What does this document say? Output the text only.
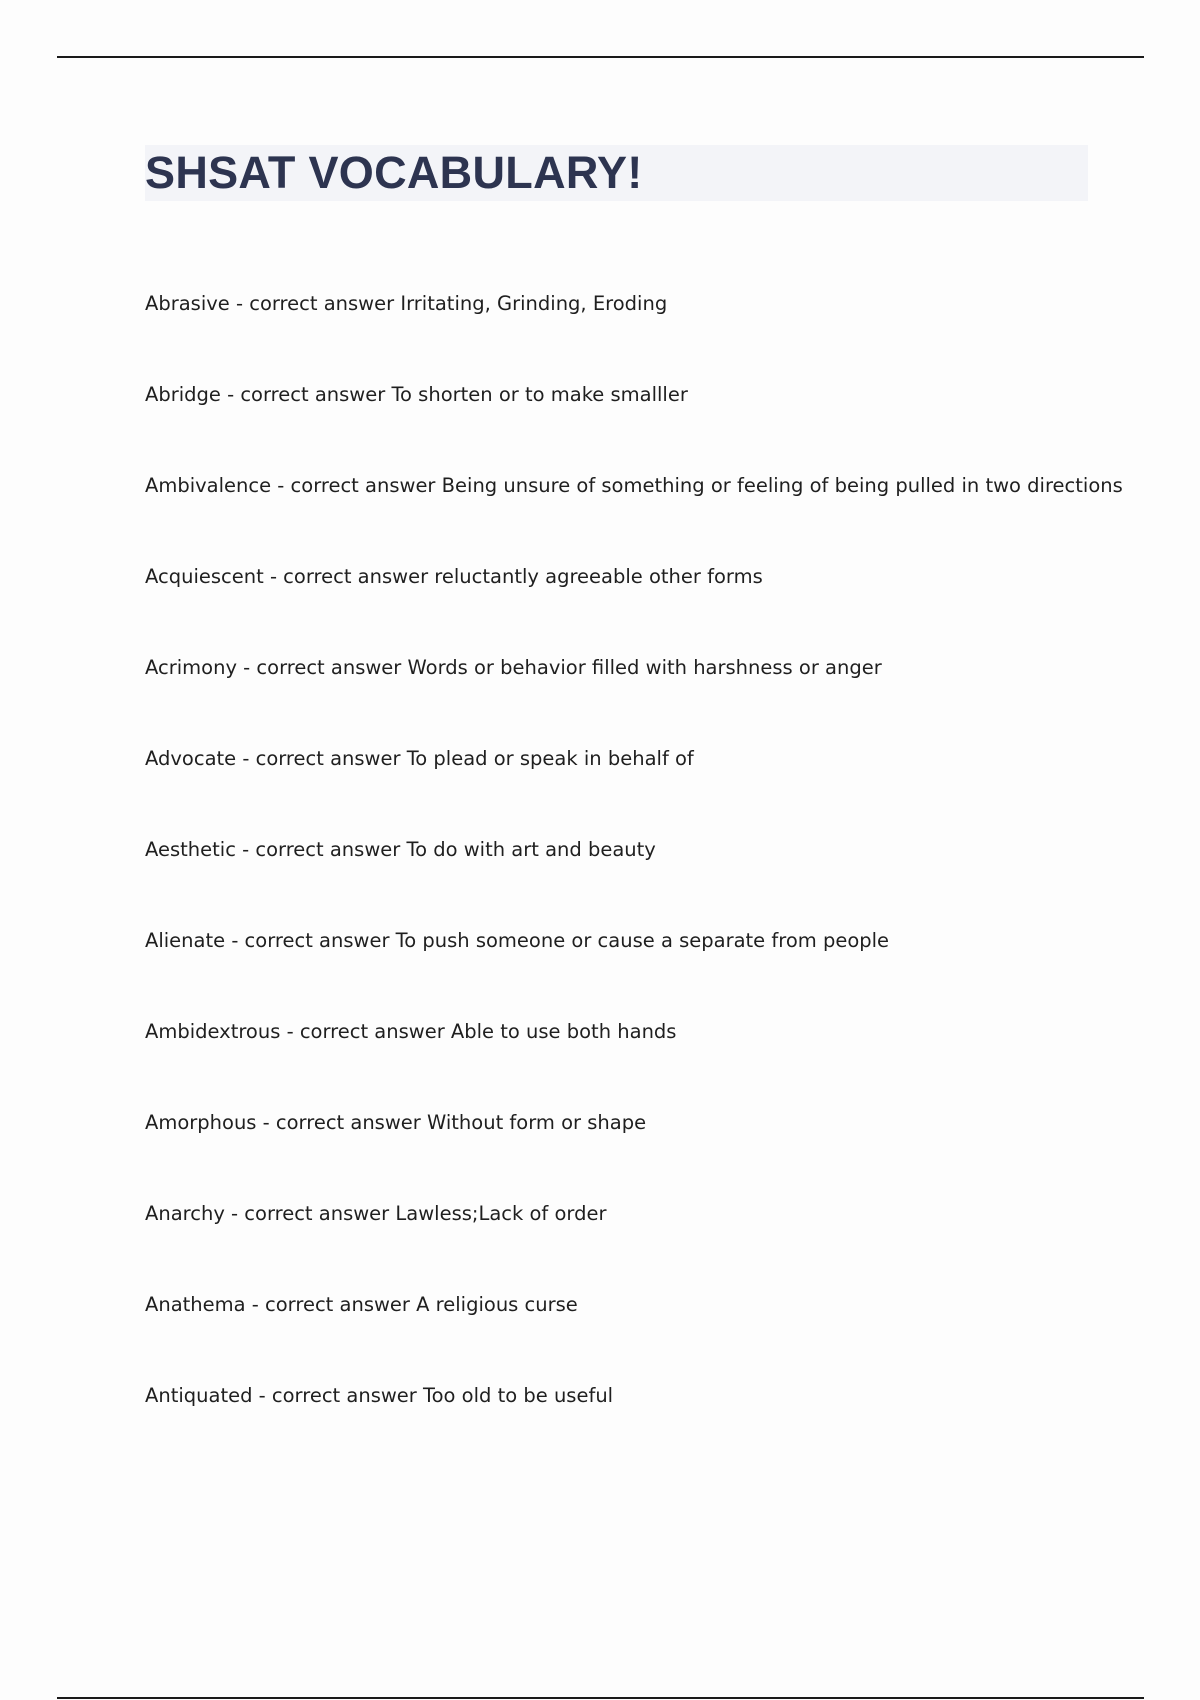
SHSAT VOCABULARY!
Abrasive - correct answer Irritating, Grinding, Eroding
Abridge - correct answer To shorten or to make smalller
Ambivalence - correct answer Being unsure of something or feeling of being pulled in two directions
Acquiescent - correct answer reluctantly agreeable other forms
Acrimony - correct answer Words or behavior filled with harshness or anger
Advocate - correct answer To plead or speak in behalf of
Aesthetic - correct answer To do with art and beauty
Alienate - correct answer To push someone or cause a separate from people
Ambidextrous - correct answer Able to use both hands
Amorphous - correct answer Without form or shape
Anarchy - correct answer Lawless;Lack of order
Anathema - correct answer A religious curse
Antiquated - correct answer Too old to be useful
